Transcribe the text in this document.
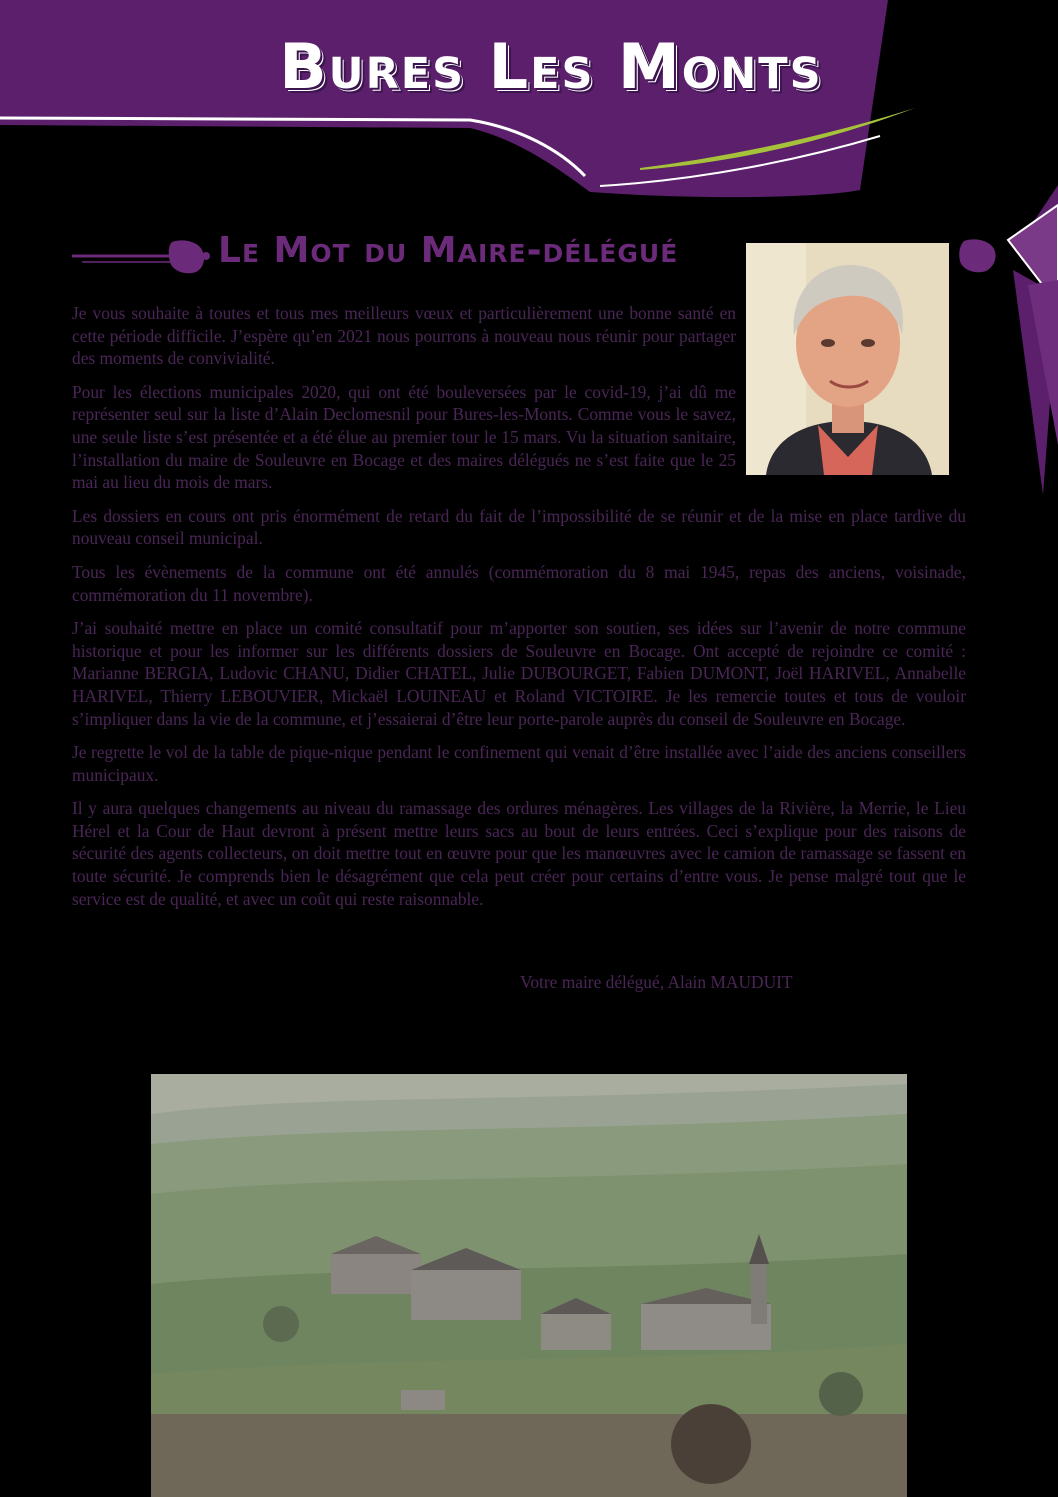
Bures Les Monts
Le Mot du Maire-délégué

Je vous souhaite à toutes et tous mes meilleurs vœux et particulièrement une bonne santé en cette période difficile. J’espère qu’en 2021 nous pourrons à nouveau nous réunir pour partager des moments de convivialité.

Pour les élections municipales 2020, qui ont été bouleversées par le covid-19, j’ai dû me représenter seul sur la liste d’Alain Declomesnil pour Bures-les-Monts. Comme vous le savez, une seule liste s’est présentée et a été élue au premier tour le 15 mars. Vu la situation sanitaire, l’installation du maire de Souleuvre en Bocage et des maires délégués ne s’est faite que le 25 mai au lieu du mois de mars.

Les dossiers en cours ont pris énormément de retard du fait de l’impossibilité de se réunir et de la mise en place tardive du nouveau conseil municipal.

Tous les évènements de la commune ont été annulés (commémoration du 8 mai 1945, repas des anciens, voisinade, commémoration du 11 novembre).

J’ai souhaité mettre en place un comité consultatif pour m’apporter son soutien, ses idées sur l’avenir de notre commune historique et pour les informer sur les différents dossiers de Souleuvre en Bocage. Ont accepté de rejoindre ce comité : Marianne BERGIA, Ludovic CHANU, Didier CHATEL, Julie DUBOURGET, Fabien DUMONT, Joël HARIVEL, Annabelle HARIVEL, Thierry LEBOUVIER, Mickaël LOUINEAU et Roland VICTOIRE. Je les remercie toutes et tous de vouloir s’impliquer dans la vie de la commune, et j’essaierai d’être leur porte-parole auprès du conseil de Souleuvre en Bocage.

Je regrette le vol de la table de pique-nique pendant le confinement qui venait d’être installée avec l’aide des anciens conseillers municipaux.

Il y aura quelques changements au niveau du ramassage des ordures ménagères. Les villages de la Rivière, la Merrie, le Lieu Hérel et la Cour de Haut devront à présent mettre leurs sacs au bout de leurs entrées. Ceci s’explique pour des raisons de sécurité des agents collecteurs, on doit mettre tout en œuvre pour que les manœuvres avec le camion de ramassage se fassent en toute sécurité. Je comprends bien le désagrément que cela peut créer pour certains d’entre vous. Je pense malgré tout que le service est de qualité, et avec un coût qui reste raisonnable.

Votre maire délégué, Alain MAUDUIT
